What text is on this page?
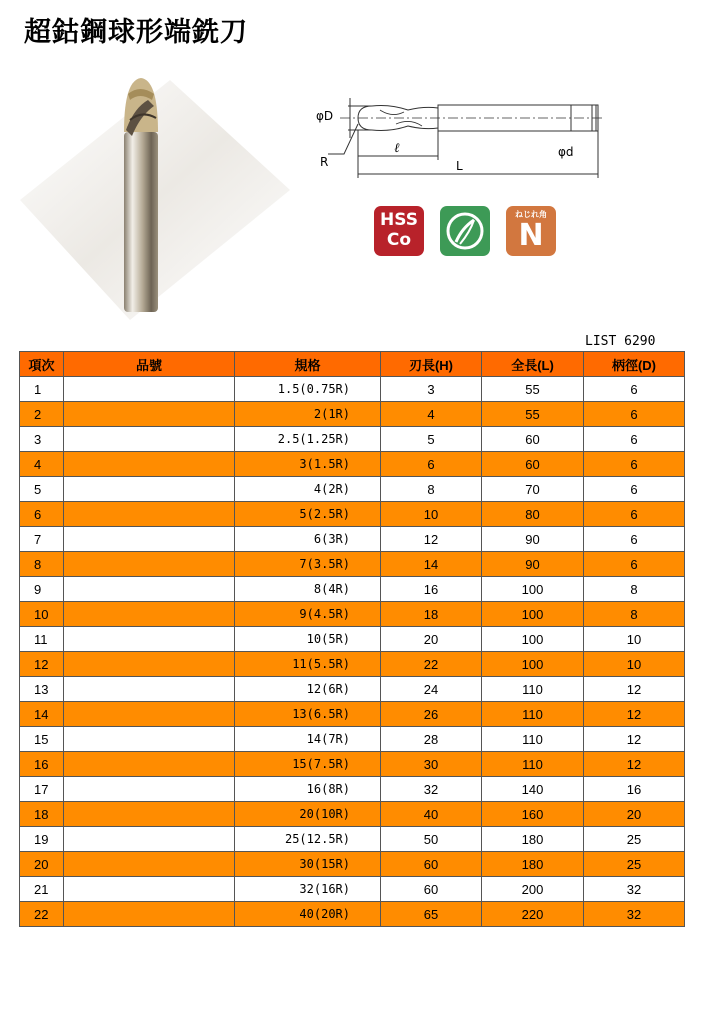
超鈷鋼球形端銑刀
φD
R
ℓ
L
φd
HSS
Co
ねじれ角
N
LIST 6290
項次	品號	規格	刃長(H)	全長(L)	柄徑(D)
1		1.5(0.75R)	3	55	6
2		2(1R)	4	55	6
3		2.5(1.25R)	5	60	6
4		3(1.5R)	6	60	6
5		4(2R)	8	70	6
6		5(2.5R)	10	80	6
7		6(3R)	12	90	6
8		7(3.5R)	14	90	6
9		8(4R)	16	100	8
10		9(4.5R)	18	100	8
11		10(5R)	20	100	10
12		11(5.5R)	22	100	10
13		12(6R)	24	110	12
14		13(6.5R)	26	110	12
15		14(7R)	28	110	12
16		15(7.5R)	30	110	12
17		16(8R)	32	140	16
18		20(10R)	40	160	20
19		25(12.5R)	50	180	25
20		30(15R)	60	180	25
21		32(16R)	60	200	32
22		40(20R)	65	220	32
